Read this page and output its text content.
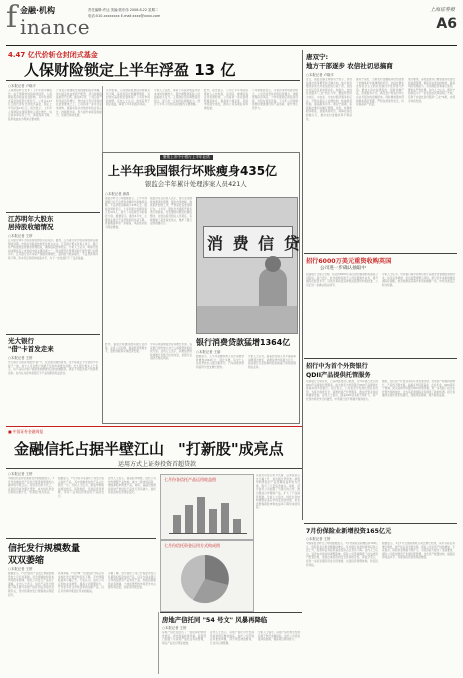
f 金融·机构
inance
责任编辑:许达 美编:郭东伟 2008.8.22 星期二
电话:010-xxxxxxxx E-mail:xxxx@xxxx.com
上海证券报
A6
4.47 亿代价斩仓封闭式基金
人保财险锁定上半年浮盈 13 亿
○本报记者 卢晓平
人保财险昨日发布了上半年的中期报告。由于国债市场的持续回落，人保财险投资收益受到影响，其中对封闭式基金的投资出现浮亏，公司以4.47亿元的代价斩仓封闭式基金，锁定上半年浮盈13亿元。报告显示，上半年人保财险实现保费收入同比增长，综合成本率有所上升，承保利润下降，投资收益成为利润主要来源。
公司表示将继续坚持稳健的投资策略，加大固定收益类资产配置，适当控制权益类资产比例。截至6月末，公司总资产较年初有所增长，偿付能力充足率保持在监管要求之上。公司将进一步优化业务结构，提高车险以外的非车险业务占比，控制赔付率，努力提升承保盈利能力，实现可持续发展。
从中报看，人保财险股票投资规模有所下降，基金投资比例调整明显，对封闭式基金的处置体现了公司对市场的判断。业内人士认为，此举有利于锁定收益，降低下半年的投资风险。
分析人士指出，保险公司投资收益对资本市场依赖较大，股市调整使保险公司面临较大压力。人保财险及时调整投资组合，显示出一定的风险控制能力。预计下半年公司仍将以稳健为主要策略。
此外，报告显示，公司上半年车险保费收入占比较高，意外险、健康险等业务发展较快。公司将进一步完善理赔服务体系，提高客户满意度，巩固市场领先地位，推动公司各项业务协调发展。
公司管理层表示，尽管资本市场波动较大，公司仍将坚持价值投资理念，审慎管理投资风险，力争实现稳定的投资回报，为股东创造价值。下半年公司将继续推进渠道建设和产品创新，提升核心竞争力。
江苏明年大股东
居持股收缩情况
○本报记者 王婷
江苏银行明年大股东持股情况引起关注。据悉，江苏银行部分股东持股锁定期即将到期，市场对其股权结构变化较为关注。江苏银行相关负责人表示，银行将严格按照监管要求管理股权，确保股权结构稳定。分析人士认为，城商行股权问题是其上市进程中的关键因素之一，股权规范化管理有助于提升银行治理水平。江苏银行近年来资产规模快速增长，盈利能力稳步提升，不良贷款率持续下降，资本充足率保持较高水平，为下一步发展打下了良好基础。
光大银行
"借"卡首发走来
○本报记者 王婷
光大银行日前宣布推出"借"卡，在全国范围内首发。该卡集借记卡与信用卡功能于一体，持卡人可在账户余额不足时申请透支消费。光大银行相关人士表示，该产品将为客户提供更加便捷灵活的金融服务，满足不同层次客户的消费需求。业内认为此举是银行卡产品创新的有益尝试。
聚焦上市中小银行上半年业绩
上半年我国银行坏账瘦身435亿
银监会半年累计处理涉案人员421人
○本报记者 唐真
银监会昨日公布数据显示，上半年我国银行业不良贷款余额和比率继续双降，不良贷款余额减少435亿元。银监会同时表示，上半年累计处理涉案人员421人，加大了对违规行为的查处力度。数据显示，截至6月末，主要商业银行不良贷款率较年初下降，拨备覆盖率进一步提高，风险抵补能力明显增强。
银监会有关负责人表示，银行业将继续加强风险管理，强化内部控制，推进案件防控工作，严肃查处各类违规行为。上半年，银监会共组织开展多项专项检查，对发现的问题及时督促整改，并依法追究相关人员责任，有效遏制了案件高发势头，维护了银行业的稳健运行。
消 费 信 贷
银行消费贷款猛增1364亿
○本报记者 王丽
今年以来消费信贷业务增长迅速，各家银行纷纷加大对个人消费贷款的投放力度。业内人士表示，消费信贷的快速增长有助于拉动内需，但银行也需防范相关风险。
数据显示，上半年金融机构人民币消费贷款增加1364亿元，同比多增。其中个人住房贷款仍占据主要部分，汽车消费贷款和信用卡透支增长较快。
分析人士认为，随着居民收入水平提高和消费观念转变，消费信贷市场潜力巨大，商业银行应在控制风险的前提下积极拓展相关业务。
此外，银监会将继续推动银行业改革，完善公司治理，提高经营管理水平，更好地服务实体经济发展。
唐双宁:
地方干部逐步 农信社切忌搞商
○本报记者 卢晓平
近日，银监会副主席唐双宁表示，农村信用社改革要坚持正确方向，地方政府要逐步淡出对农信社的行政干预，农信社切忌盲目追求商业化。他指出，农信社是服务"三农"的主力军，要始终坚持为农民、为农业、为农村经济服务的宗旨，不断完善法人治理结构，转换经营机制，提高服务水平。唐双宁强调，省级联社要切实履行管理、指导、协调和服务职能，加强风险防范，保障农信社稳健运行，推动农村金融改革不断深化。
唐双宁指出，当前农村金融服务依然是整个金融体系中最薄弱的环节，农信社要在支持社会主义新农村建设中发挥更大作用。要加大涉农信贷投放，创新金融产品，改进服务方式，满足农户和农村中小企业多层次的金融需求。同时要加强内部控制和风险管理，严防各类案件发生，切实提高资产质量。
他还要求，各级监管部门要加强对农信社的监督管理，督促其完善内控制度，提高风险管理能力。对违规经营和重大案件，要依法严肃处理。业内人士认为，唐双宁的讲话为下一步农信社改革指明了方向，有助于农信社回归服务"三农"本源，实现可持续发展。
招行6000万美元重资收购英国
公司进一步确认抽取中
招商银行日前公告称，将以约6000万美元的价格收购英国某公司股权。招行表示，此次收购有助于公司拓展海外业务，提升国际化经营水平。目前交易尚需获得相关监管机构的批准，公司正进一步确认相关细节。
分析人士认为，中资银行海外并购有利于获取先进管理经验和技术，拓宽业务渠道，但也需警惕整合风险。招行近年来积极推进国际化战略，此次收购是其海外布局的重要一步，市场对此反应较为积极。
招行中为首个外资银行
QDII产品提供托管服务
招商银行日前宣布，已获得监管部门批准，为外资银行发行的QDII产品提供托管服务，成为首家为外资银行QDII产品提供托管服务的中资银行。招行表示，公司将充分发挥托管业务优势，为客户提供安全、高效的资产托管服务，推动托管业务持续健康发展。业内人士指出，随着QDII业务的不断扩大，资产托管市场竞争日趋激烈，中资银行需不断提升服务能力。
据悉，招行资产托管业务近年来发展迅速，托管资产规模持续增长，产品线不断丰富，涵盖证券投资基金、企业年金、QDII等多个领域。此次获得外资银行QDII托管资格，进一步巩固了招行在托管市场的地位，也为其拓展国际业务提供了新的机遇。招行将继续完善托管系统建设，加强风险控制，提升服务品质。
7月份保险业新增投资165亿元
○本报记者 王婷
中国保监会昨日公布的数据显示，7月份保险业新增投资165亿元，保险资金运用余额继续增长。其中银行存款和债券投资占比上升，股票和证券投资基金投资占比有所下降。业内人士认为，受资本市场持续调整影响，保险公司普遍降低了权益类资产配置比例，更加注重投资的安全性和稳定性。保监会表示，将进一步拓宽保险资金运用渠道，完善投资管理体制，防范投资风险。
数据显示，1至7月全国保费收入同比增长较快，其中寿险业务增长明显，财产险业务平稳发展。保险公司总资产持续增加。专家指出，保险资金规模不断扩大，对投资能力提出了更高要求，保险公司需加强资产负债匹配管理，优化资产配置结构，提高投资收益水平，实现保险资金的保值增值。
■ 中国证券金融周报
金融信托占据半壁江山 "打新股"成亮点
运用方式上证券投资首超贷款
○本报记者 王婷
中国信托业协会最新发布的数据显示，7月份金融信托产品发行数量和规模均占据市场半壁江山。在资金运用方式上，证券投资首次超过贷款，成为信托资金运用的主要方式，"打新股"成为亮点。
数据显示，7月共有多家信托公司发行集合信托产品，其中金融类信托产品占比超过一半。分析人士认为，新股申购收益相对稳定，风险较低，受到投资者青睐，带动了证券投资类信托产品的发行。
业内人士表示，随着股市调整，信托公司纷纷调整产品结构，减少二级市场投资，增加新股申购类产品。同时，基础设施类和房地产类信托产品发行有所减少，信托资金流向发生明显变化。
七月份各信托产品运用收益图
七月份信托资金运用方式构成图
从信托资金运用方式看，证券投资占比大幅上升，首次超过贷款类。新股申购类信托产品预期收益率较为可观，吸引了大量资金参与。同时，部分信托公司加强了与银行的合作，推出银信合作理财产品，扩大了产品销售渠道。分析人士指出，信托业务结构调整是适应市场变化的结果，但也需警惕新股申购收益率下降带来的风险。
信托发行规模数量
双双萎缩
○本报记者 王婷
数据显示，7月份信托产品发行规模和数量较上月双双萎缩。受宏观调控和资本市场低迷影响，信托公司发行产品趋于谨慎。业内人士表示，信托产品发行规模下降主要与房地产信托和证券信托受限有关，预计短期内发行规模难以明显回升。
具体来看，7月份单一资金信托与集合资金信托发行数量均有所下降，平均预期收益率小幅上升。专家认为，信托公司应加快业务转型，提高主动管理能力，开发更多符合市场需求的创新产品，以应对市场环境变化带来的挑战。
另据了解，部分信托公司已开始尝试发行私募股权投资信托产品，以及与商业银行合作的信贷资产证券化产品，积极拓展新的业务领域，力求在激烈的市场竞争中占据有利位置，实现可持续发展。
房地产信托同 "54 号文" 风暴再降临
○本报记者 王婷
房地产信托在经历了一段时间的快速发展后，再次面临政策风暴。监管部门加强了对房地产信托业务的管理，相关产品发行明显放缓。
业内人士表示，房地产信托对开发商资质和项目要求提高，信托公司开展业务更加审慎，部分项目被迫暂停，行业进入调整期。
分析人士指出，房地产信托规范发展有利于防范金融风险，信托公司需加强风险控制，提高项目筛选能力。
